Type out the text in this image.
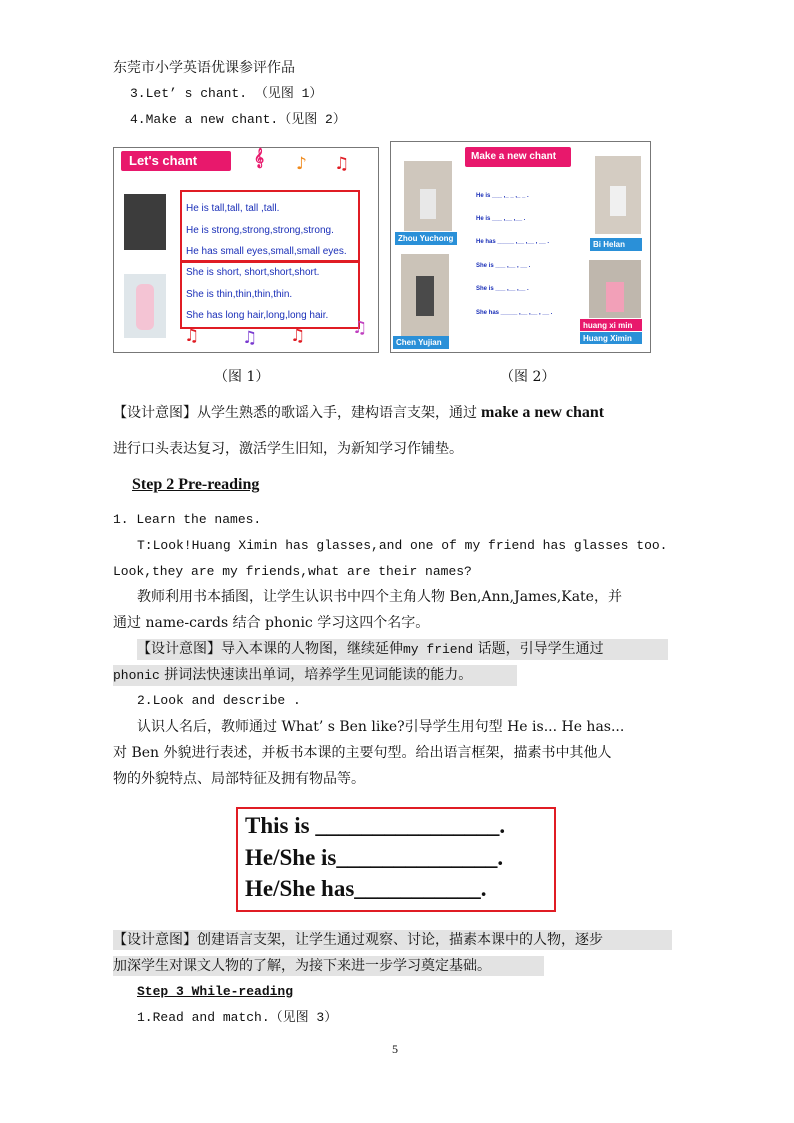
东莞市小学英语优课参评作品
3.Let’ s chant. （见图 1）
4.Make a new chant.（见图 2）
Let's chant	𝄞 ♪ ♫
He is tall,tall, tall ,tall.
He is strong,strong,strong,strong.
He has small eyes,small,small eyes.
She is short, short,short,short.
She is thin,thin,thin,thin.
She has long hair,long,long hair.
♫	♫ ♫	♫
（图 1）
Make a new chant
Zhou Yuchong
Bi Helan
Chen Yujian
huang xi min
Huang Ximin
He is ___ ,_ _ ,_ _ .
He is ___ ,__ ,__ .
He has _____ ,__ ,__ , __ .
She is ___ ,__ , __ .
She is ___ ,__ ,__ .
She has _____ ,__ ,__ , __ .
（图 2）
【设计意图】从学生熟悉的歌谣入手，建构语言支架，通过 make a new chant
进行口头表达复习，激活学生旧知，为新知学习作铺垫。
Step 2 Pre-reading
1. Learn the names.
T:Look!Huang Ximin has glasses,and one of my friend has glasses too.
Look,they are my friends,what are their names?
教师利用书本插图，让学生认识书中四个主角人物 Ben,Ann,James,Kate，并
通过 name-cards 结合 phonic 学习这四个名字。
【设计意图】导入本课的人物图，继续延伸my friend 话题，引导学生通过
phonic 拼词法快速读出单词，培养学生见词能读的能力。
2.Look and describe .
认识人名后，教师通过 What’ s Ben like?引导学生用句型 He is... He has...
对 Ben 外貌进行表述，并板书本课的主要句型。给出语言框架，描素书中其他人
物的外貌特点、局部特征及拥有物品等。
This is ________________.
He/She is______________.
He/She has___________.
【设计意图】创建语言支架，让学生通过观察、讨论，描素本课中的人物，逐步
加深学生对课文人物的了解，为接下来进一步学习奠定基础。
Step 3 While-reading
1.Read and match.（见图 3）
5
